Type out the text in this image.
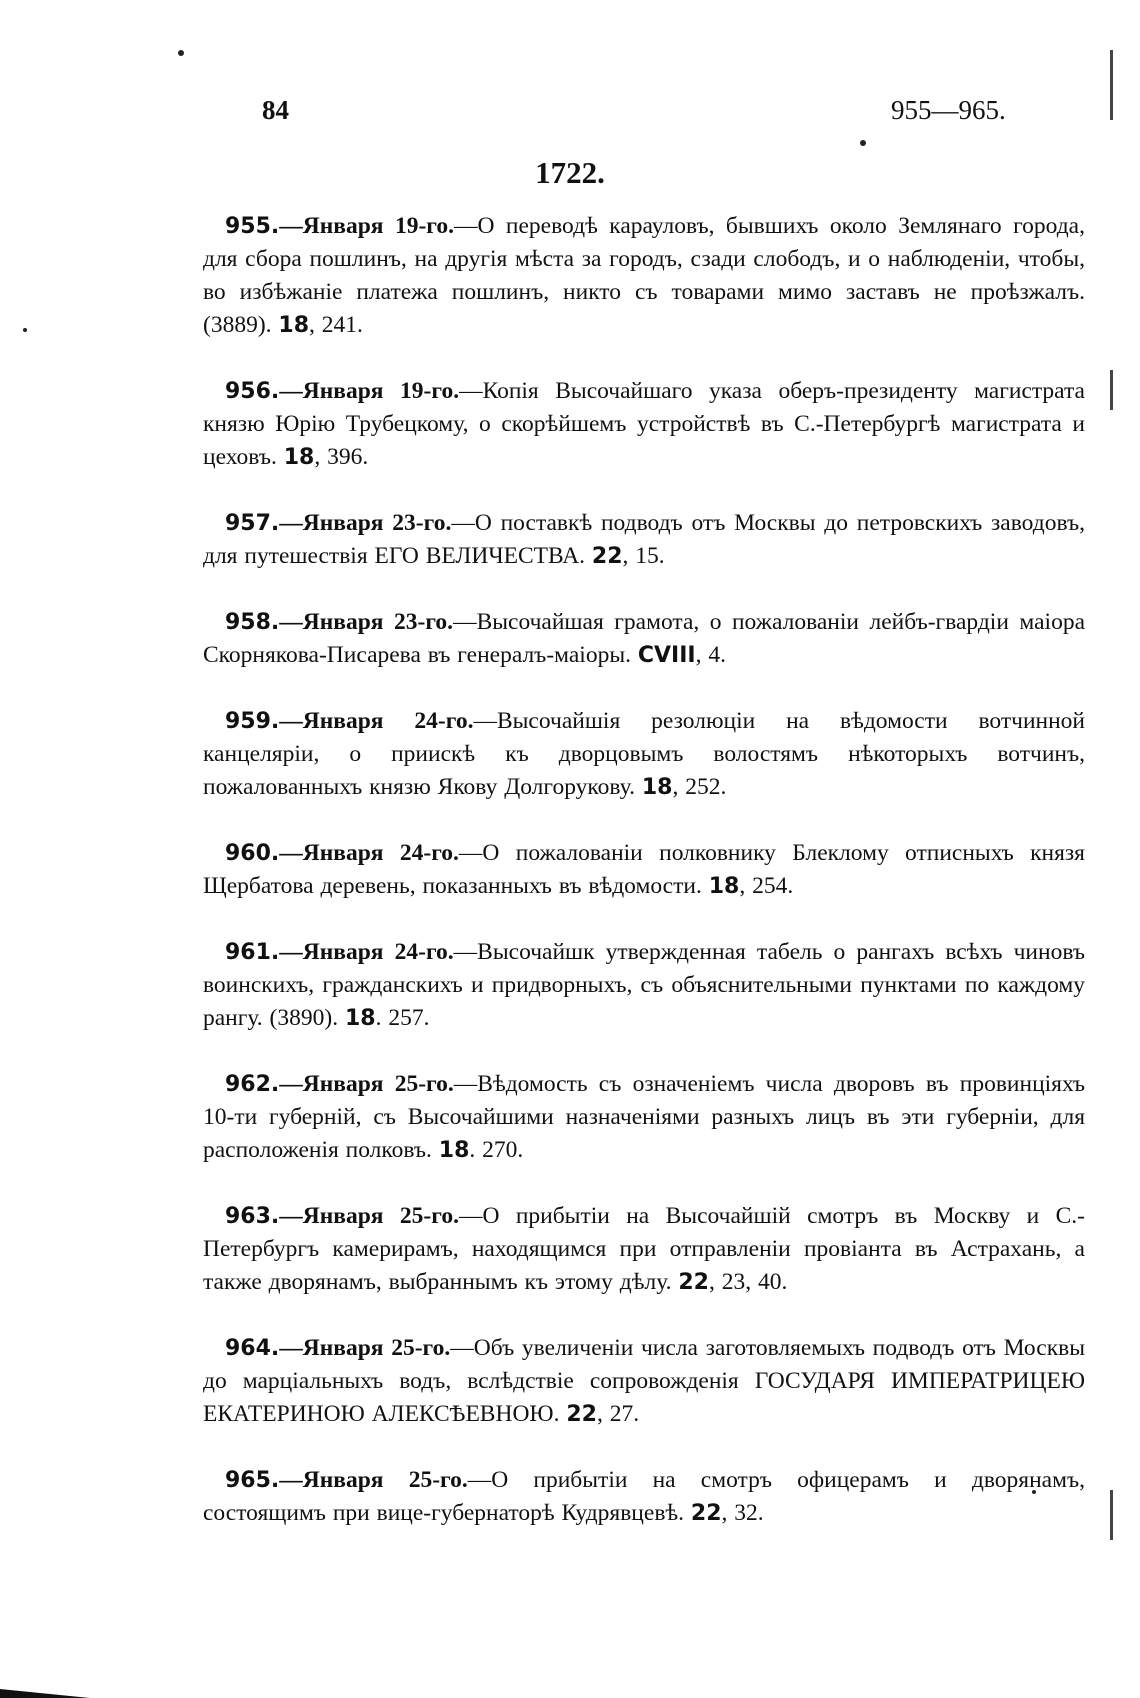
84	955—965.
1722.

955.—Января 19-го.—О переводѣ карауловъ, бывшихъ около Землянаго города, для сбора пошлинъ, на другія мѣста за городъ, сзади слободъ, и о наблюденіи, чтобы, во избѣжаніе платежа пошлинъ, никто съ товарами мимо заставъ не проѣзжалъ. (3889). 18, 241.

956.—Января 19-го.—Копія Высочайшаго указа оберъ-президенту магистрата князю Юрію Трубецкому, о скорѣйшемъ устройствѣ въ С.-Петербургѣ магистрата и цеховъ. 18, 396.

957.—Января 23-го.—О поставкѣ подводъ отъ Москвы до петровскихъ заводовъ, для путешествія ЕГО ВЕЛИЧЕСТВА. 22, 15.

958.—Января 23-го.—Высочайшая грамота, о пожалованіи лейбъ-гвардіи маіора Скорнякова-Писарева въ генералъ-маіоры. CVIII, 4.

959.—Января 24-го.—Высочайшія резолюціи на вѣдомости вотчинной канцеляріи, о приискѣ къ дворцовымъ волостямъ нѣкоторыхъ вотчинъ, пожалованныхъ князю Якову Долгорукову. 18, 252.

960.—Января 24-го.—О пожалованіи полковнику Блеклому отписныхъ князя Щербатова деревень, показанныхъ въ вѣдомости. 18, 254.

961.—Января 24-го.—Высочайшк утвержденная табель о рангахъ всѣхъ чиновъ воинскихъ, гражданскихъ и придворныхъ, съ объяснительными пунктами по каждому рангу. (3890). 18. 257.

962.—Января 25-го.—Вѣдомость съ означеніемъ числа дворовъ въ провинціяхъ 10-ти губерній, съ Высочайшими назначеніями разныхъ лицъ въ эти губерніи, для расположенія полковъ. 18. 270.

963.—Января 25-го.—О прибытіи на Высочайшій смотръ въ Москву и С.-Петербургъ камерирамъ, находящимся при отправленіи провіанта въ Астрахань, а также дворянамъ, выбраннымъ къ этому дѣлу. 22, 23, 40.

964.—Января 25-го.—Объ увеличеніи числа заготовляемыхъ подводъ отъ Москвы до марціальныхъ водъ, вслѣдствіе сопровожденія ГОСУДАРЯ ИМПЕРАТРИЦЕЮ ЕКАТЕРИНОЮ АЛЕКСѢЕВНОЮ. 22, 27.

965.—Января 25-го.—О прибытіи на смотръ офицерамъ и дворянамъ, состоящимъ при вице-губернаторѣ Кудрявцевѣ. 22, 32.
